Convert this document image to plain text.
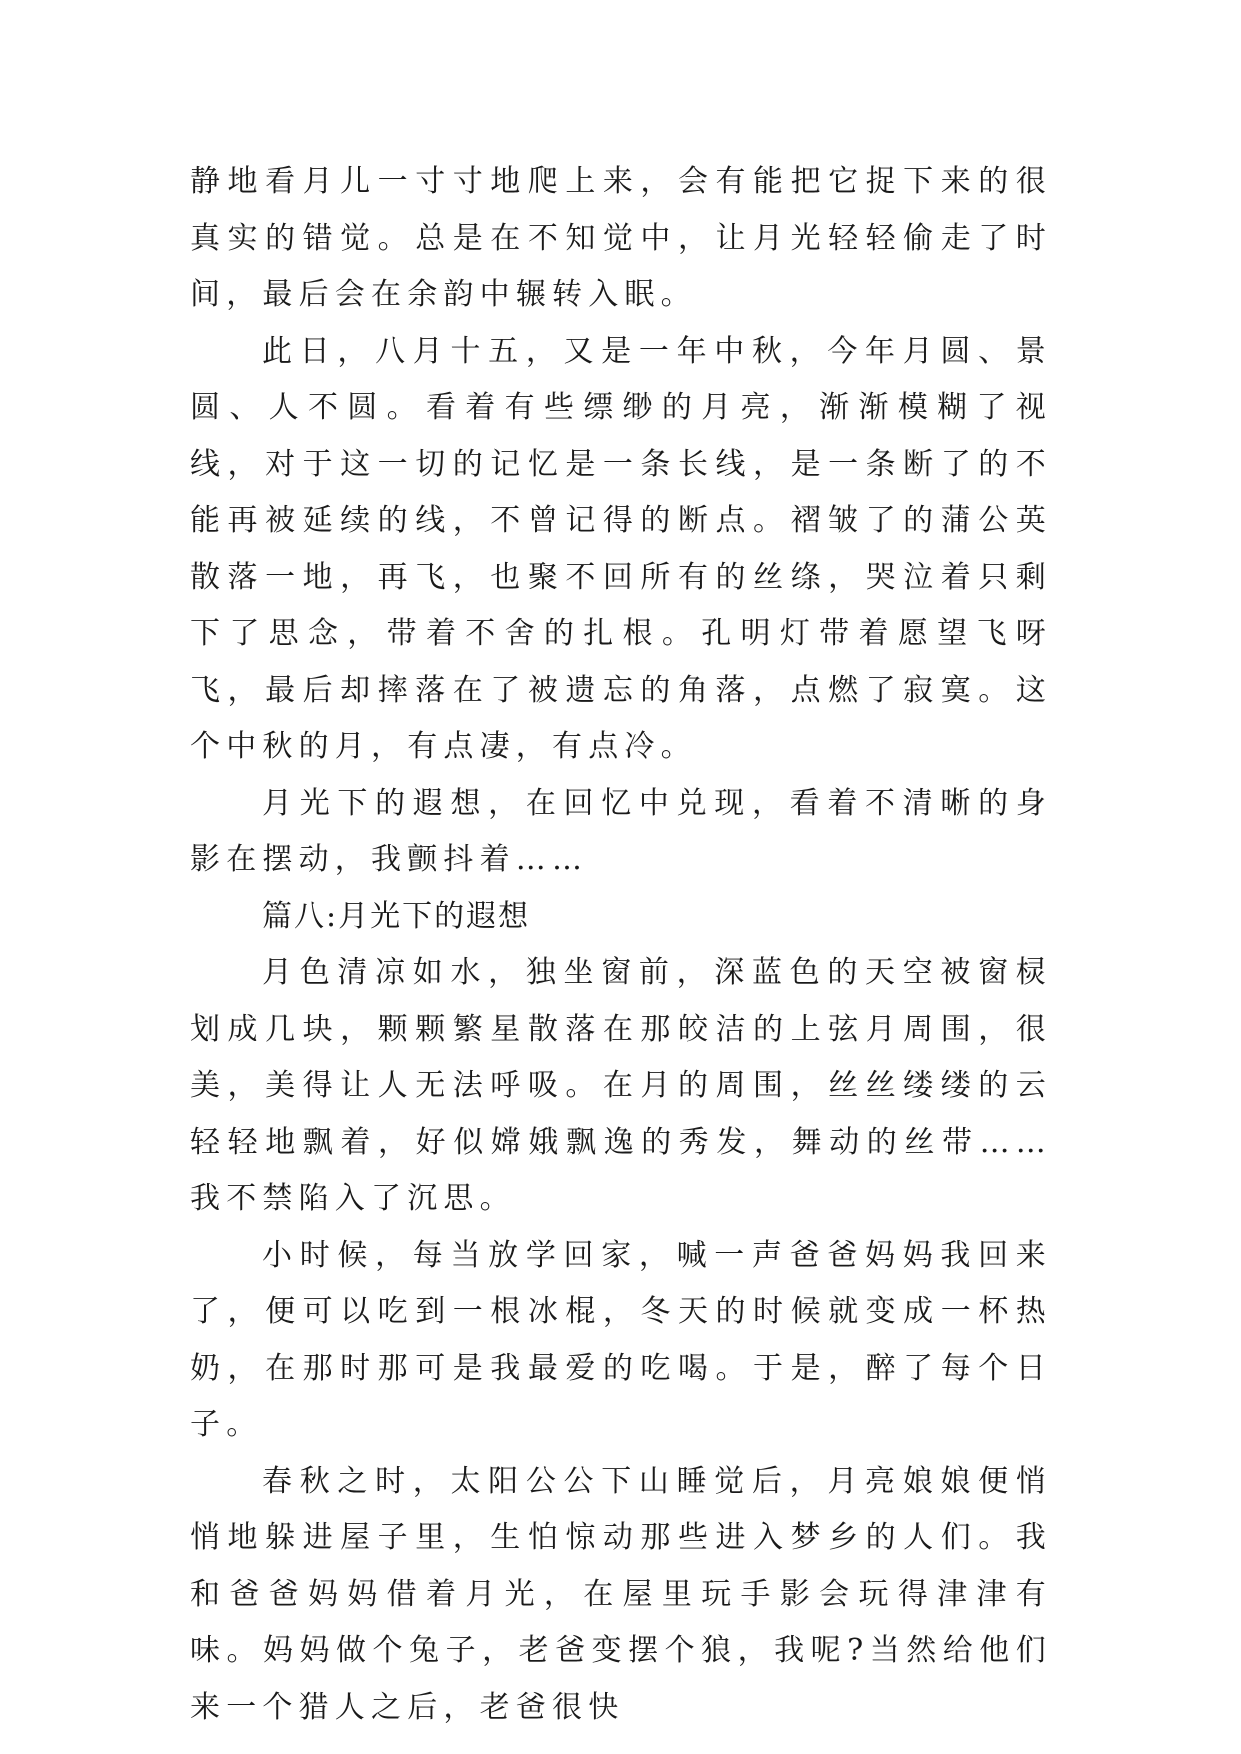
静地看月儿一寸寸地爬上来，会有能把它捉下来的很真实的错觉。总是在不知觉中，让月光轻轻偷走了时间，最后会在余韵中辗转入眠。

此日，八月十五，又是一年中秋，今年月圆、景圆、人不圆。看着有些缥缈的月亮，渐渐模糊了视线，对于这一切的记忆是一条长线，是一条断了的不能再被延续的线，不曾记得的断点。褶皱了的蒲公英散落一地，再飞，也聚不回所有的丝绦，哭泣着只剩下了思念，带着不舍的扎根。孔明灯带着愿望飞呀飞，最后却摔落在了被遗忘的角落，点燃了寂寞。这个中秋的月，有点凄，有点冷。

月光下的遐想，在回忆中兑现，看着不清晰的身影在摆动，我颤抖着……

篇八:月光下的遐想

月色清凉如水，独坐窗前，深蓝色的天空被窗棂划成几块，颗颗繁星散落在那皎洁的上弦月周围，很美，美得让人无法呼吸。在月的周围，丝丝缕缕的云轻轻地飘着，好似嫦娥飘逸的秀发，舞动的丝带……我不禁陷入了沉思。

小时候，每当放学回家，喊一声爸爸妈妈我回来了，便可以吃到一根冰棍，冬天的时候就变成一杯热奶，在那时那可是我最爱的吃喝。于是，醉了每个日子。

春秋之时，太阳公公下山睡觉后，月亮娘娘便悄悄地躲进屋子里，生怕惊动那些进入梦乡的人们。我和爸爸妈妈借着月光，在屋里玩手影会玩得津津有味。妈妈做个兔子，老爸变摆个狼，我呢?当然给他们来一个猎人之后，老爸很快
